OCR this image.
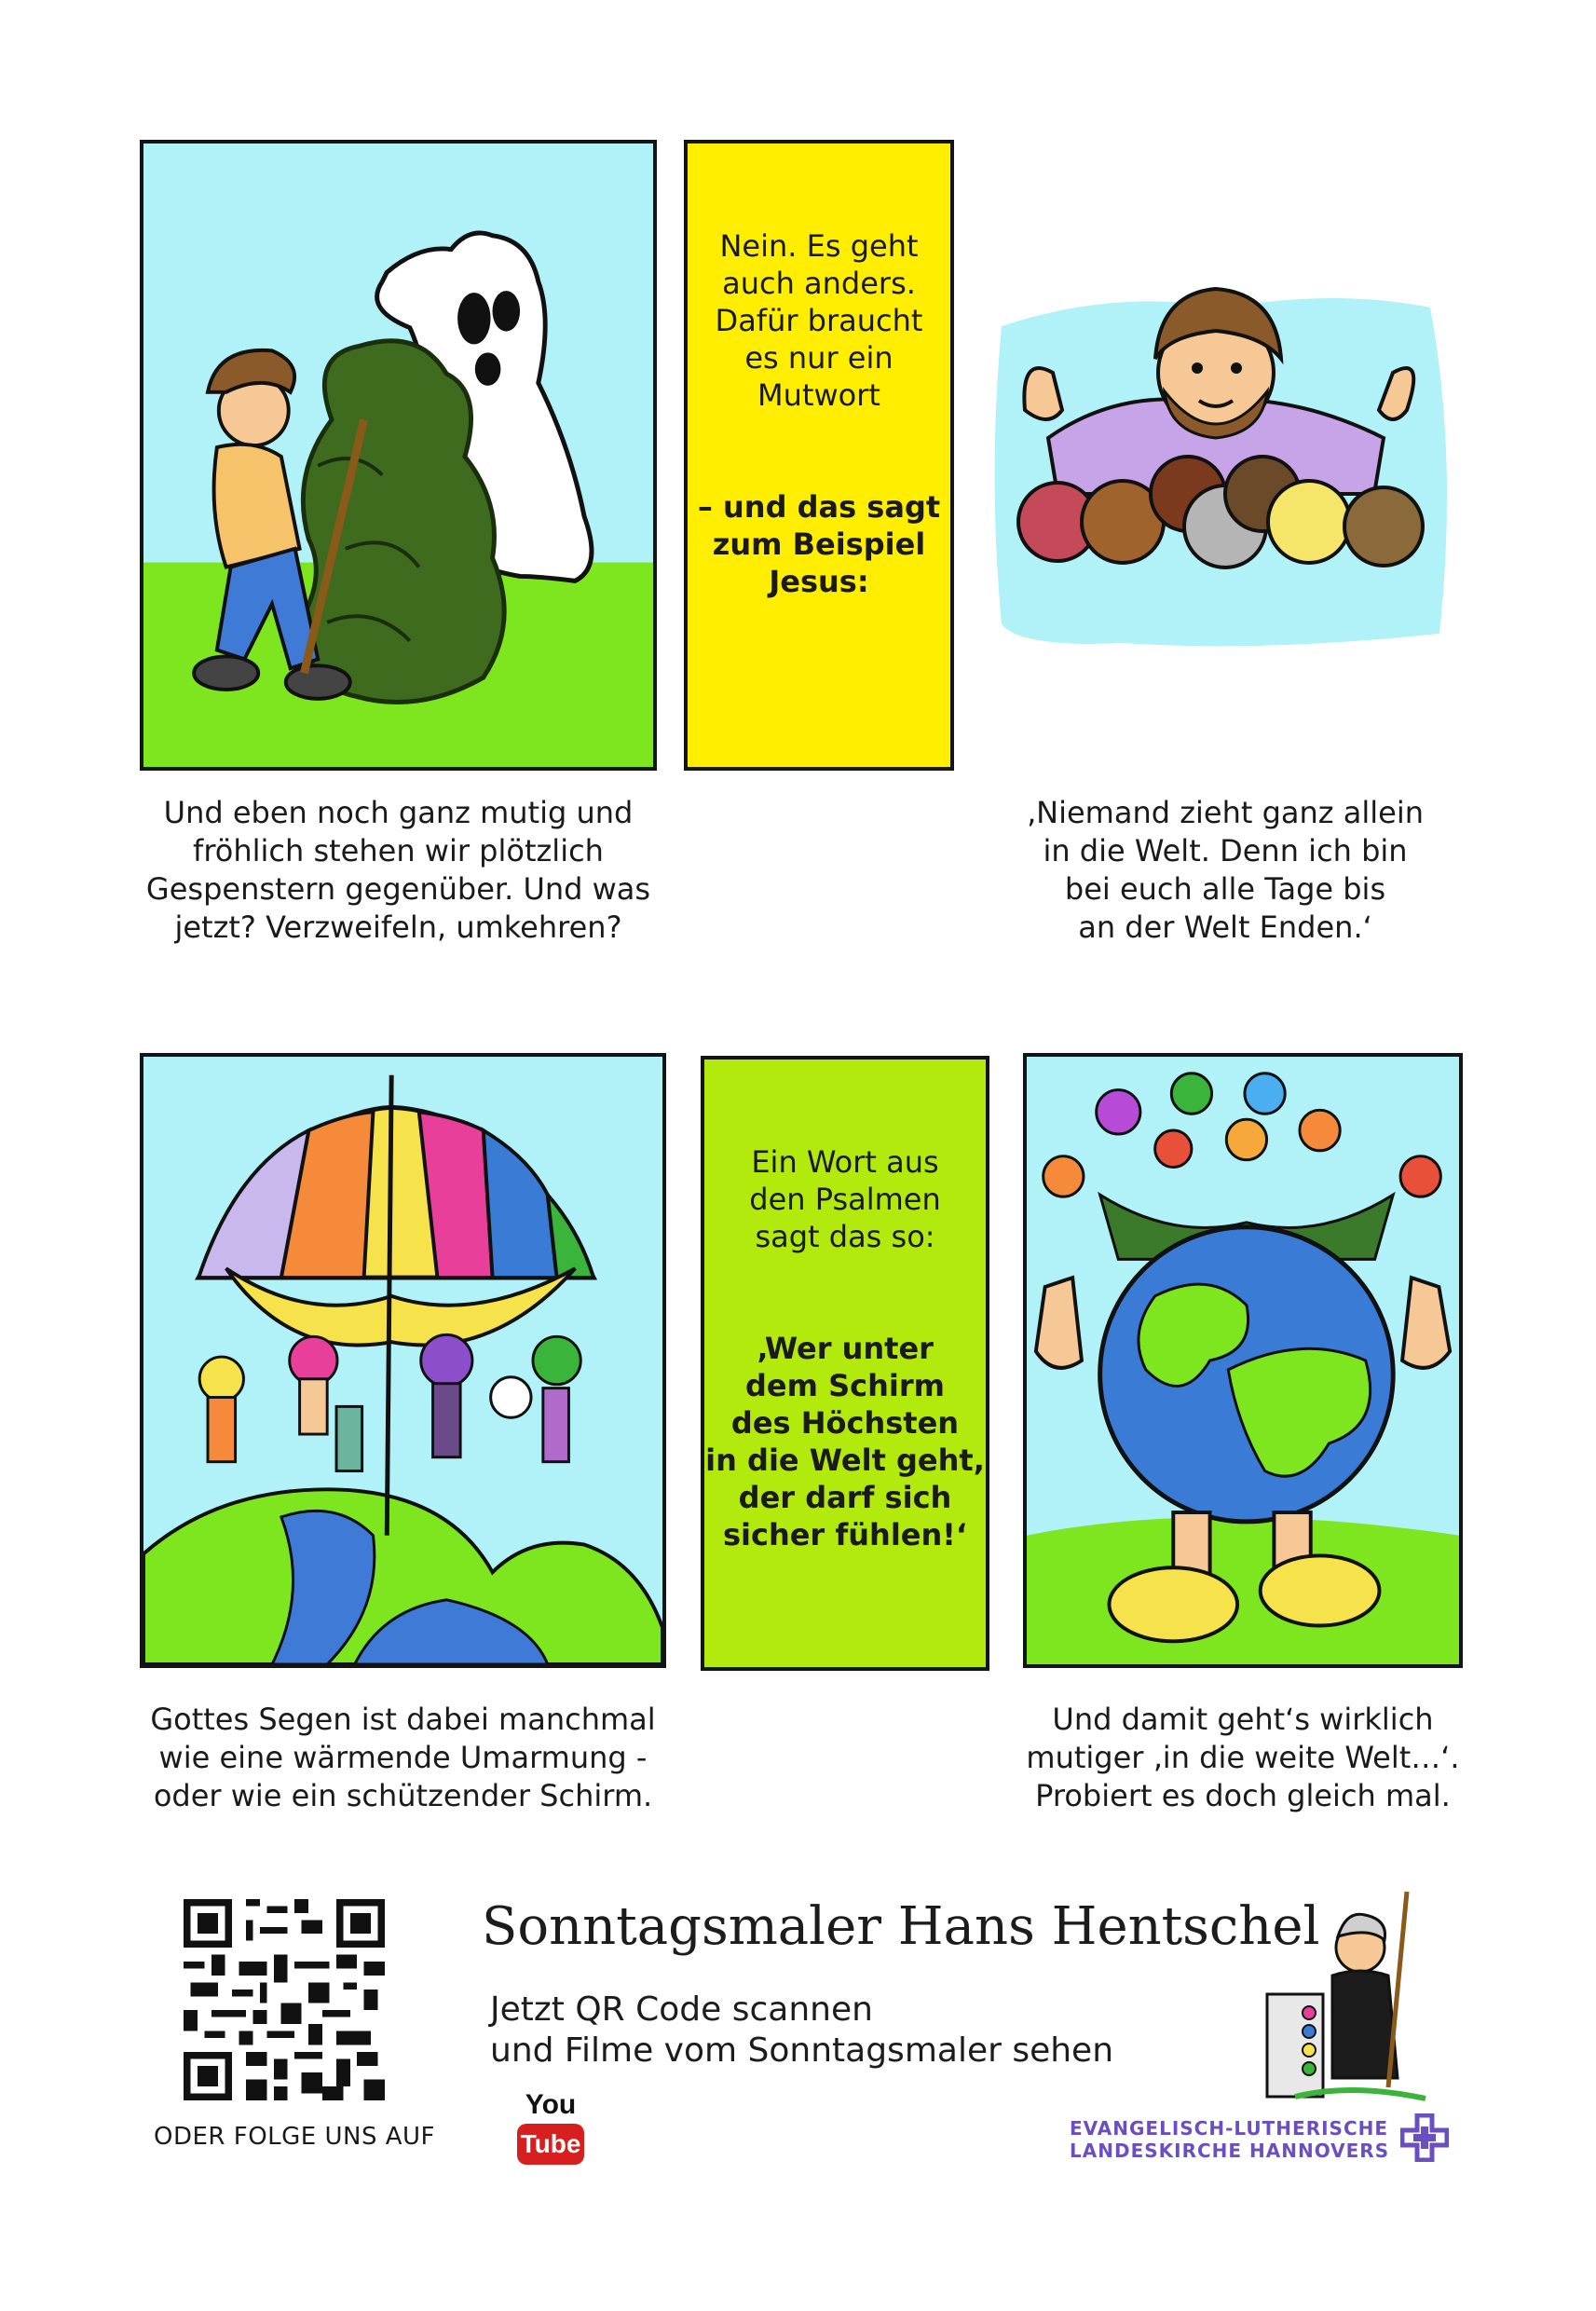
Nein. Es geht
auch anders.
Dafür braucht
es nur ein
Mutwort

– und das sagt
zum Beispiel
Jesus:

Und eben noch ganz mutig und
fröhlich stehen wir plötzlich
Gespenstern gegenüber. Und was
jetzt? Verzweifeln, umkehren?
‚Niemand zieht ganz allein
in die Welt. Denn ich bin
bei euch alle Tage bis
an der Welt Enden.‘

Ein Wort aus
den Psalmen
sagt das so:

‚Wer unter
dem Schirm
des Höchsten
in die Welt geht,
der darf sich
sicher fühlen!‘

Gottes Segen ist dabei manchmal
wie eine wärmende Umarmung -
oder wie ein schützender Schirm.
Und damit geht‘s wirklich
mutiger ‚in die weite Welt…‘.
Probiert es doch gleich mal.
ODER FOLGE UNS AUF
You
Tube
Sonntagsmaler Hans Hentschel
Jetzt QR Code scannen
und Filme vom Sonntagsmaler sehen
EVANGELISCH-LUTHERISCHE
LANDESKIRCHE HANNOVERS
